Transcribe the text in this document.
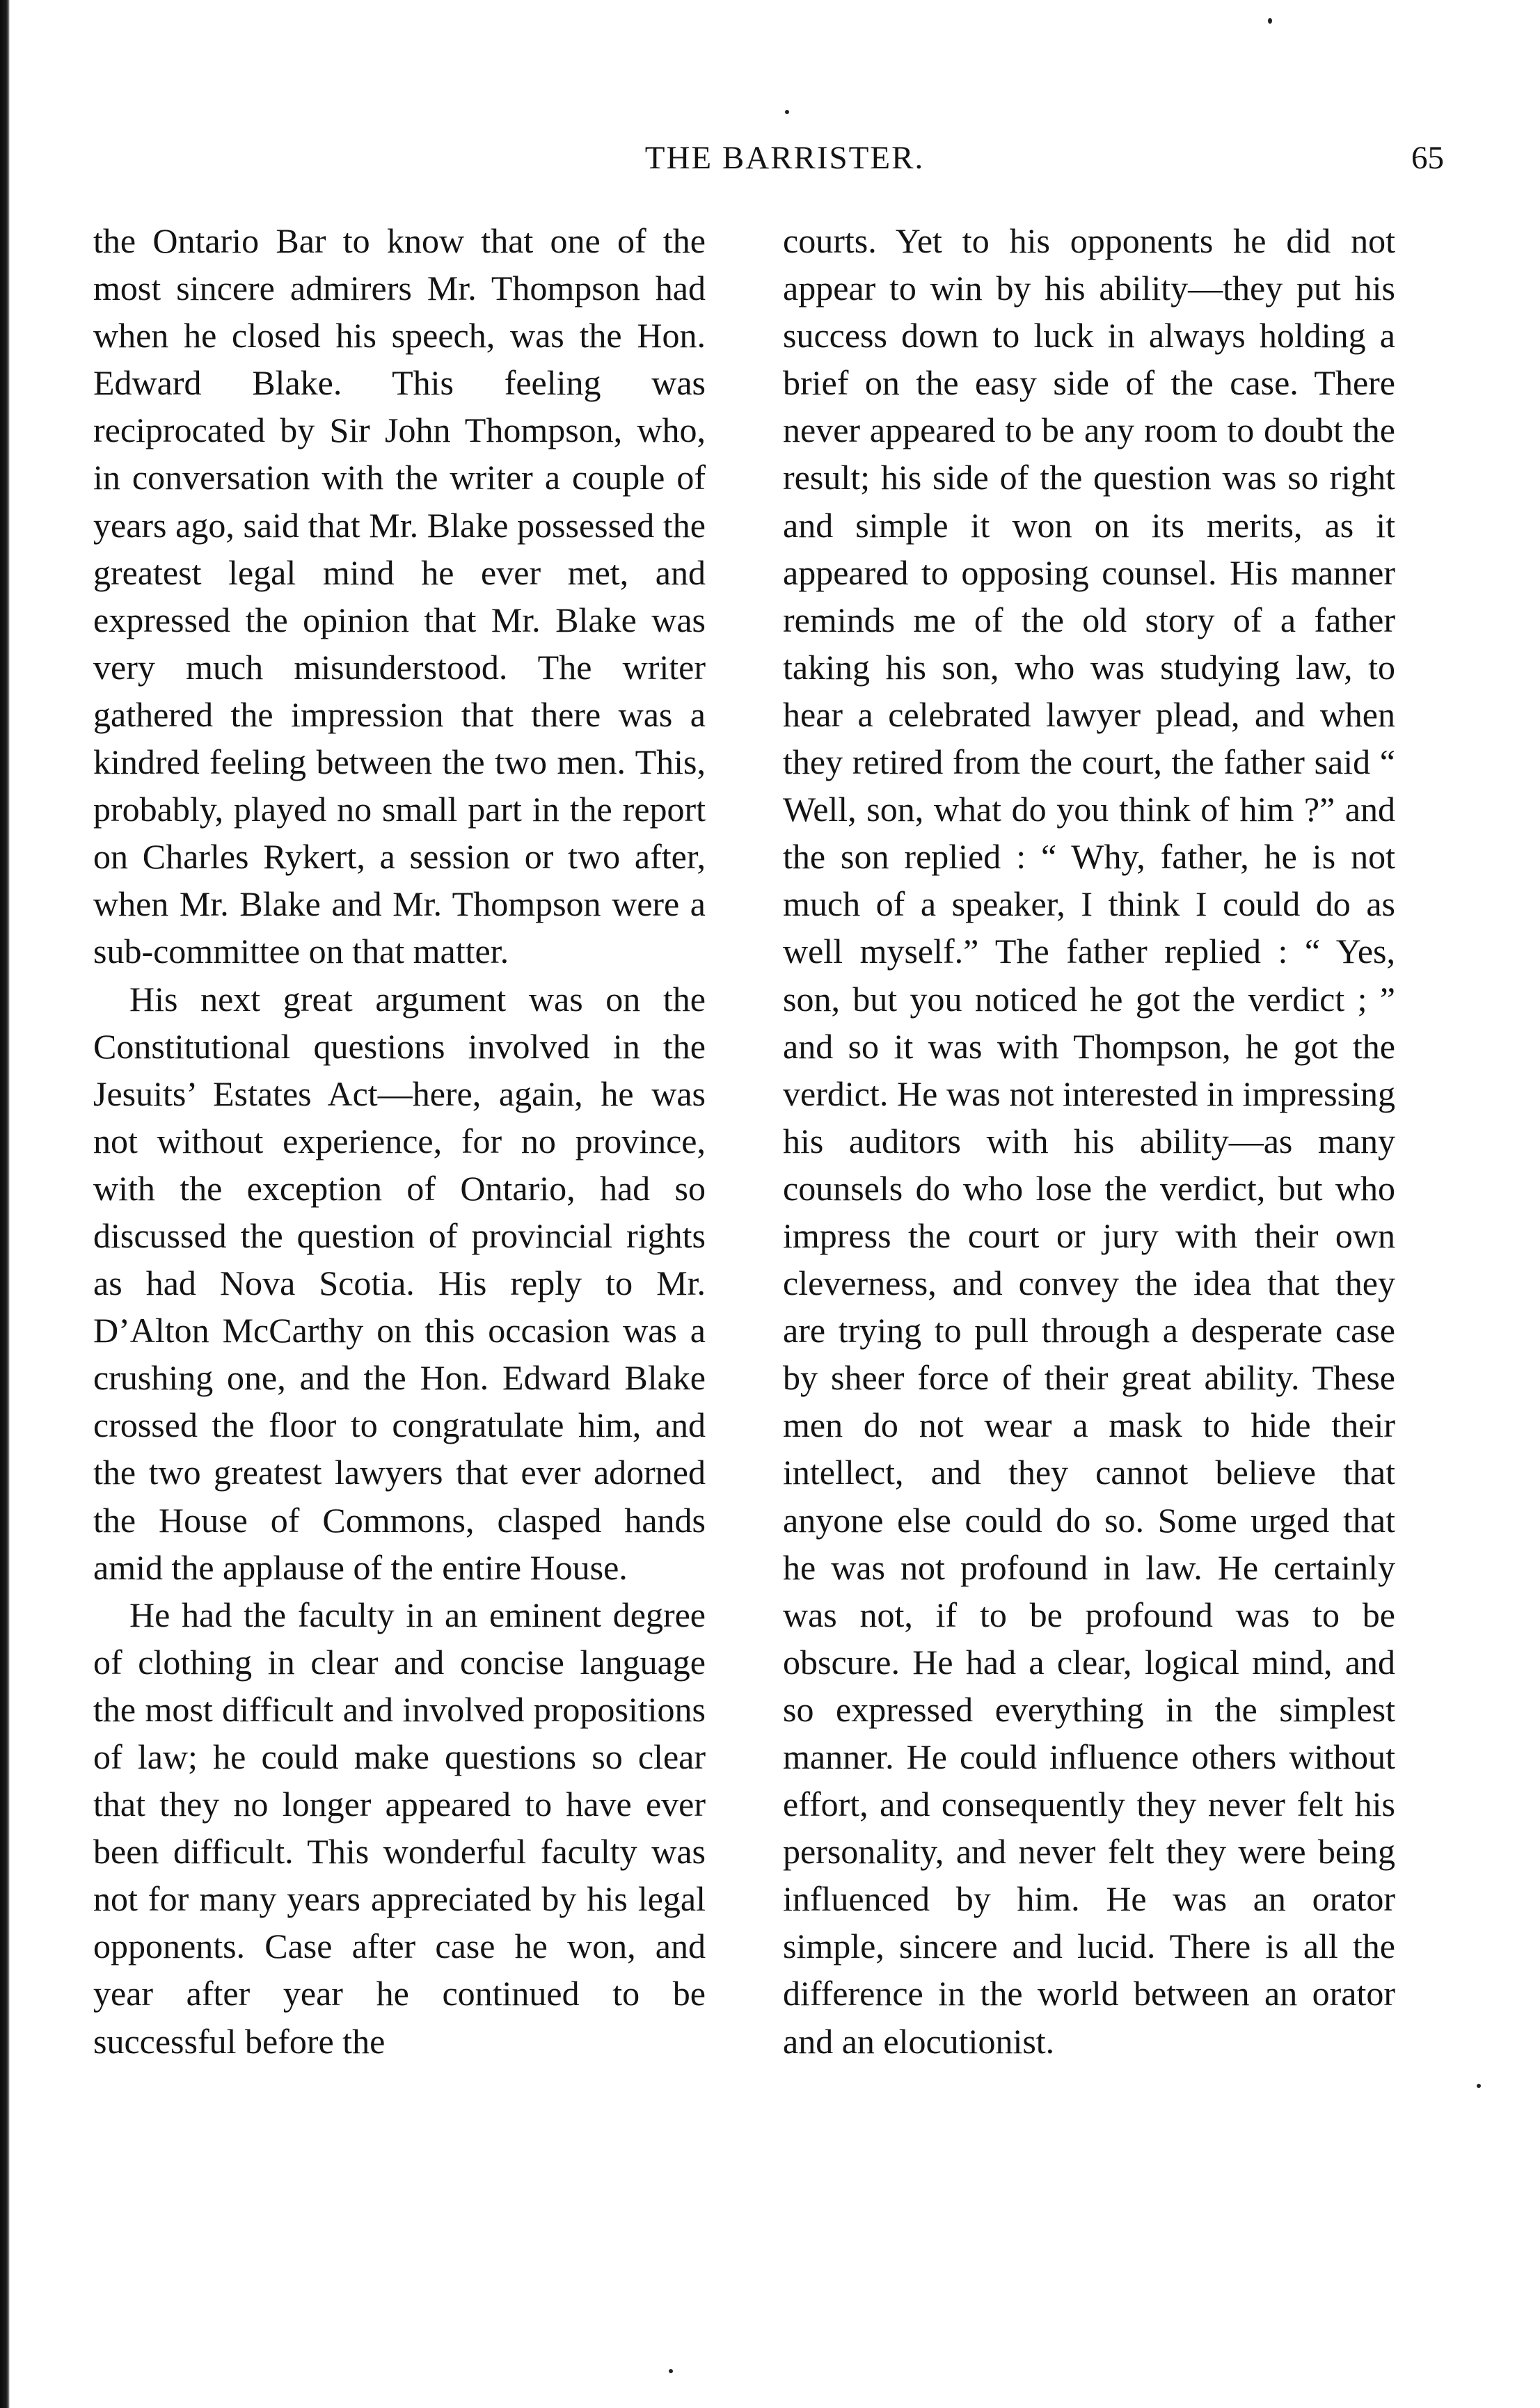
THE BARRISTER.	65

the Ontario Bar to know that one of the most sincere admirers Mr. Thompson had when he closed his speech, was the Hon. Edward Blake. This feeling was reciprocated by Sir John Thompson, who, in conversation with the writer a couple of years ago, said that Mr. Blake possessed the greatest legal mind he ever met, and expressed the opinion that Mr. Blake was very much misunderstood. The writer gathered the impression that there was a kindred feeling between the two men. This, probably, played no small part in the report on Charles Rykert, a session or two after, when Mr. Blake and Mr. Thompson were a sub-committee on that matter.

His next great argument was on the Constitutional questions involved in the Jesuits’ Estates Act—here, again, he was not without experience, for no province, with the exception of Ontario, had so discussed the question of provincial rights as had Nova Scotia. His reply to Mr. D’Alton McCarthy on this occasion was a crushing one, and the Hon. Edward Blake crossed the floor to congratulate him, and the two greatest lawyers that ever adorned the House of Commons, clasped hands amid the applause of the entire House.

He had the faculty in an eminent degree of clothing in clear and concise language the most difficult and involved propositions of law; he could make questions so clear that they no longer appeared to have ever been difficult. This wonderful faculty was not for many years appreciated by his legal opponents. Case after case he won, and year after year he continued to be successful before the

courts. Yet to his opponents he did not appear to win by his ability—they put his success down to luck in always holding a brief on the easy side of the case. There never appeared to be any room to doubt the result; his side of the question was so right and simple it won on its merits, as it appeared to opposing counsel. His manner reminds me of the old story of a father taking his son, who was studying law, to hear a celebrated lawyer plead, and when they retired from the court, the father said “ Well, son, what do you think of him ?” and the son replied : “ Why, father, he is not much of a speaker, I think I could do as well myself.” The father replied : “ Yes, son, but you noticed he got the verdict ; ” and so it was with Thompson, he got the verdict. He was not interested in impressing his auditors with his ability—as many counsels do who lose the verdict, but who impress the court or jury with their own cleverness, and convey the idea that they are trying to pull through a desperate case by sheer force of their great ability. These men do not wear a mask to hide their intellect, and they cannot believe that anyone else could do so. Some urged that he was not profound in law. He certainly was not, if to be profound was to be obscure. He had a clear, logical mind, and so expressed everything in the simplest manner. He could influence others without effort, and consequently they never felt his personality, and never felt they were being influenced by him. He was an orator simple, sincere and lucid. There is all the difference in the world between an orator and an elocutionist.
